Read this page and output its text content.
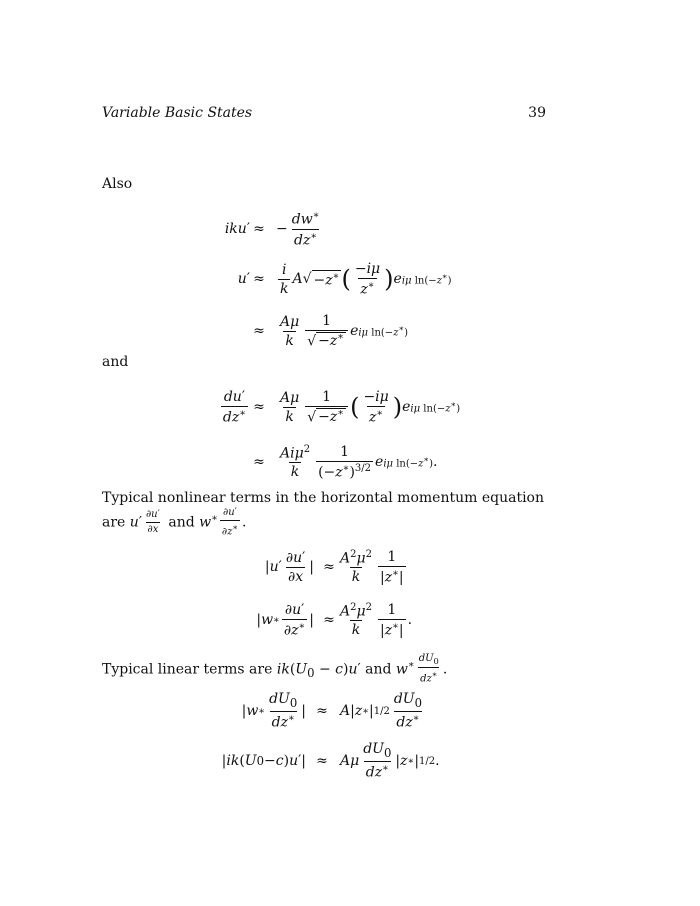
Variable Basic States	39
Also
iku ′ ≈ − $\frac{dw^∗}{dz^∗}$
u ′ ≈ $\frac{i}{k}$ A √ −z∗ ( $\frac{-i\mu}{z^∗}$ ) e iμ ln(−z∗)
≈ $\frac{A\mu}{k} \frac{1}{√ -z^∗}$ e iμ ln(−z∗)
and
$\frac{du'}{dz^∗} \approx \frac{A\mu}{k} \frac{1}{√ -z^∗}$ ( $\frac{-i\mu}{z^∗}$ ) e iμ ln(−z∗)
≈ $\frac{Ai\mu^2}{k} \frac{1}{(-z^∗)^{3/2}}$ e iμ ln(−z∗) .
Typical nonlinear terms in the horizontal momentum equation are $u' \frac{\partial u'}{\partial x}$ and $w^∗ \frac{\partial u'}{\partial z^∗}$ .
| u ′ $\frac{\partial u'}{\partial x}$ | ≈ $\frac{A^2\mu^2}{k} \frac{1}{|z^∗|}$
| w ∗ $\frac{\partial u'}{\partial z^∗}$ | ≈ $\frac{A^2\mu^2}{k} \frac{1}{|z^∗|}$ .
Typical linear terms are $ik(U_0 - c)u'$ and $w^∗ \frac{dU_0}{dz^∗}$ .
| w ∗ $\frac{dU_0}{dz^∗}$ | ≈ A | z ∗ | $1/2 \frac{dU_0}{dz^∗}$
| ik ( U 0 − c ) u ′| ≈ Aμ $\frac{dU_0}{dz^∗}$ | z ∗ | 1/2 .
